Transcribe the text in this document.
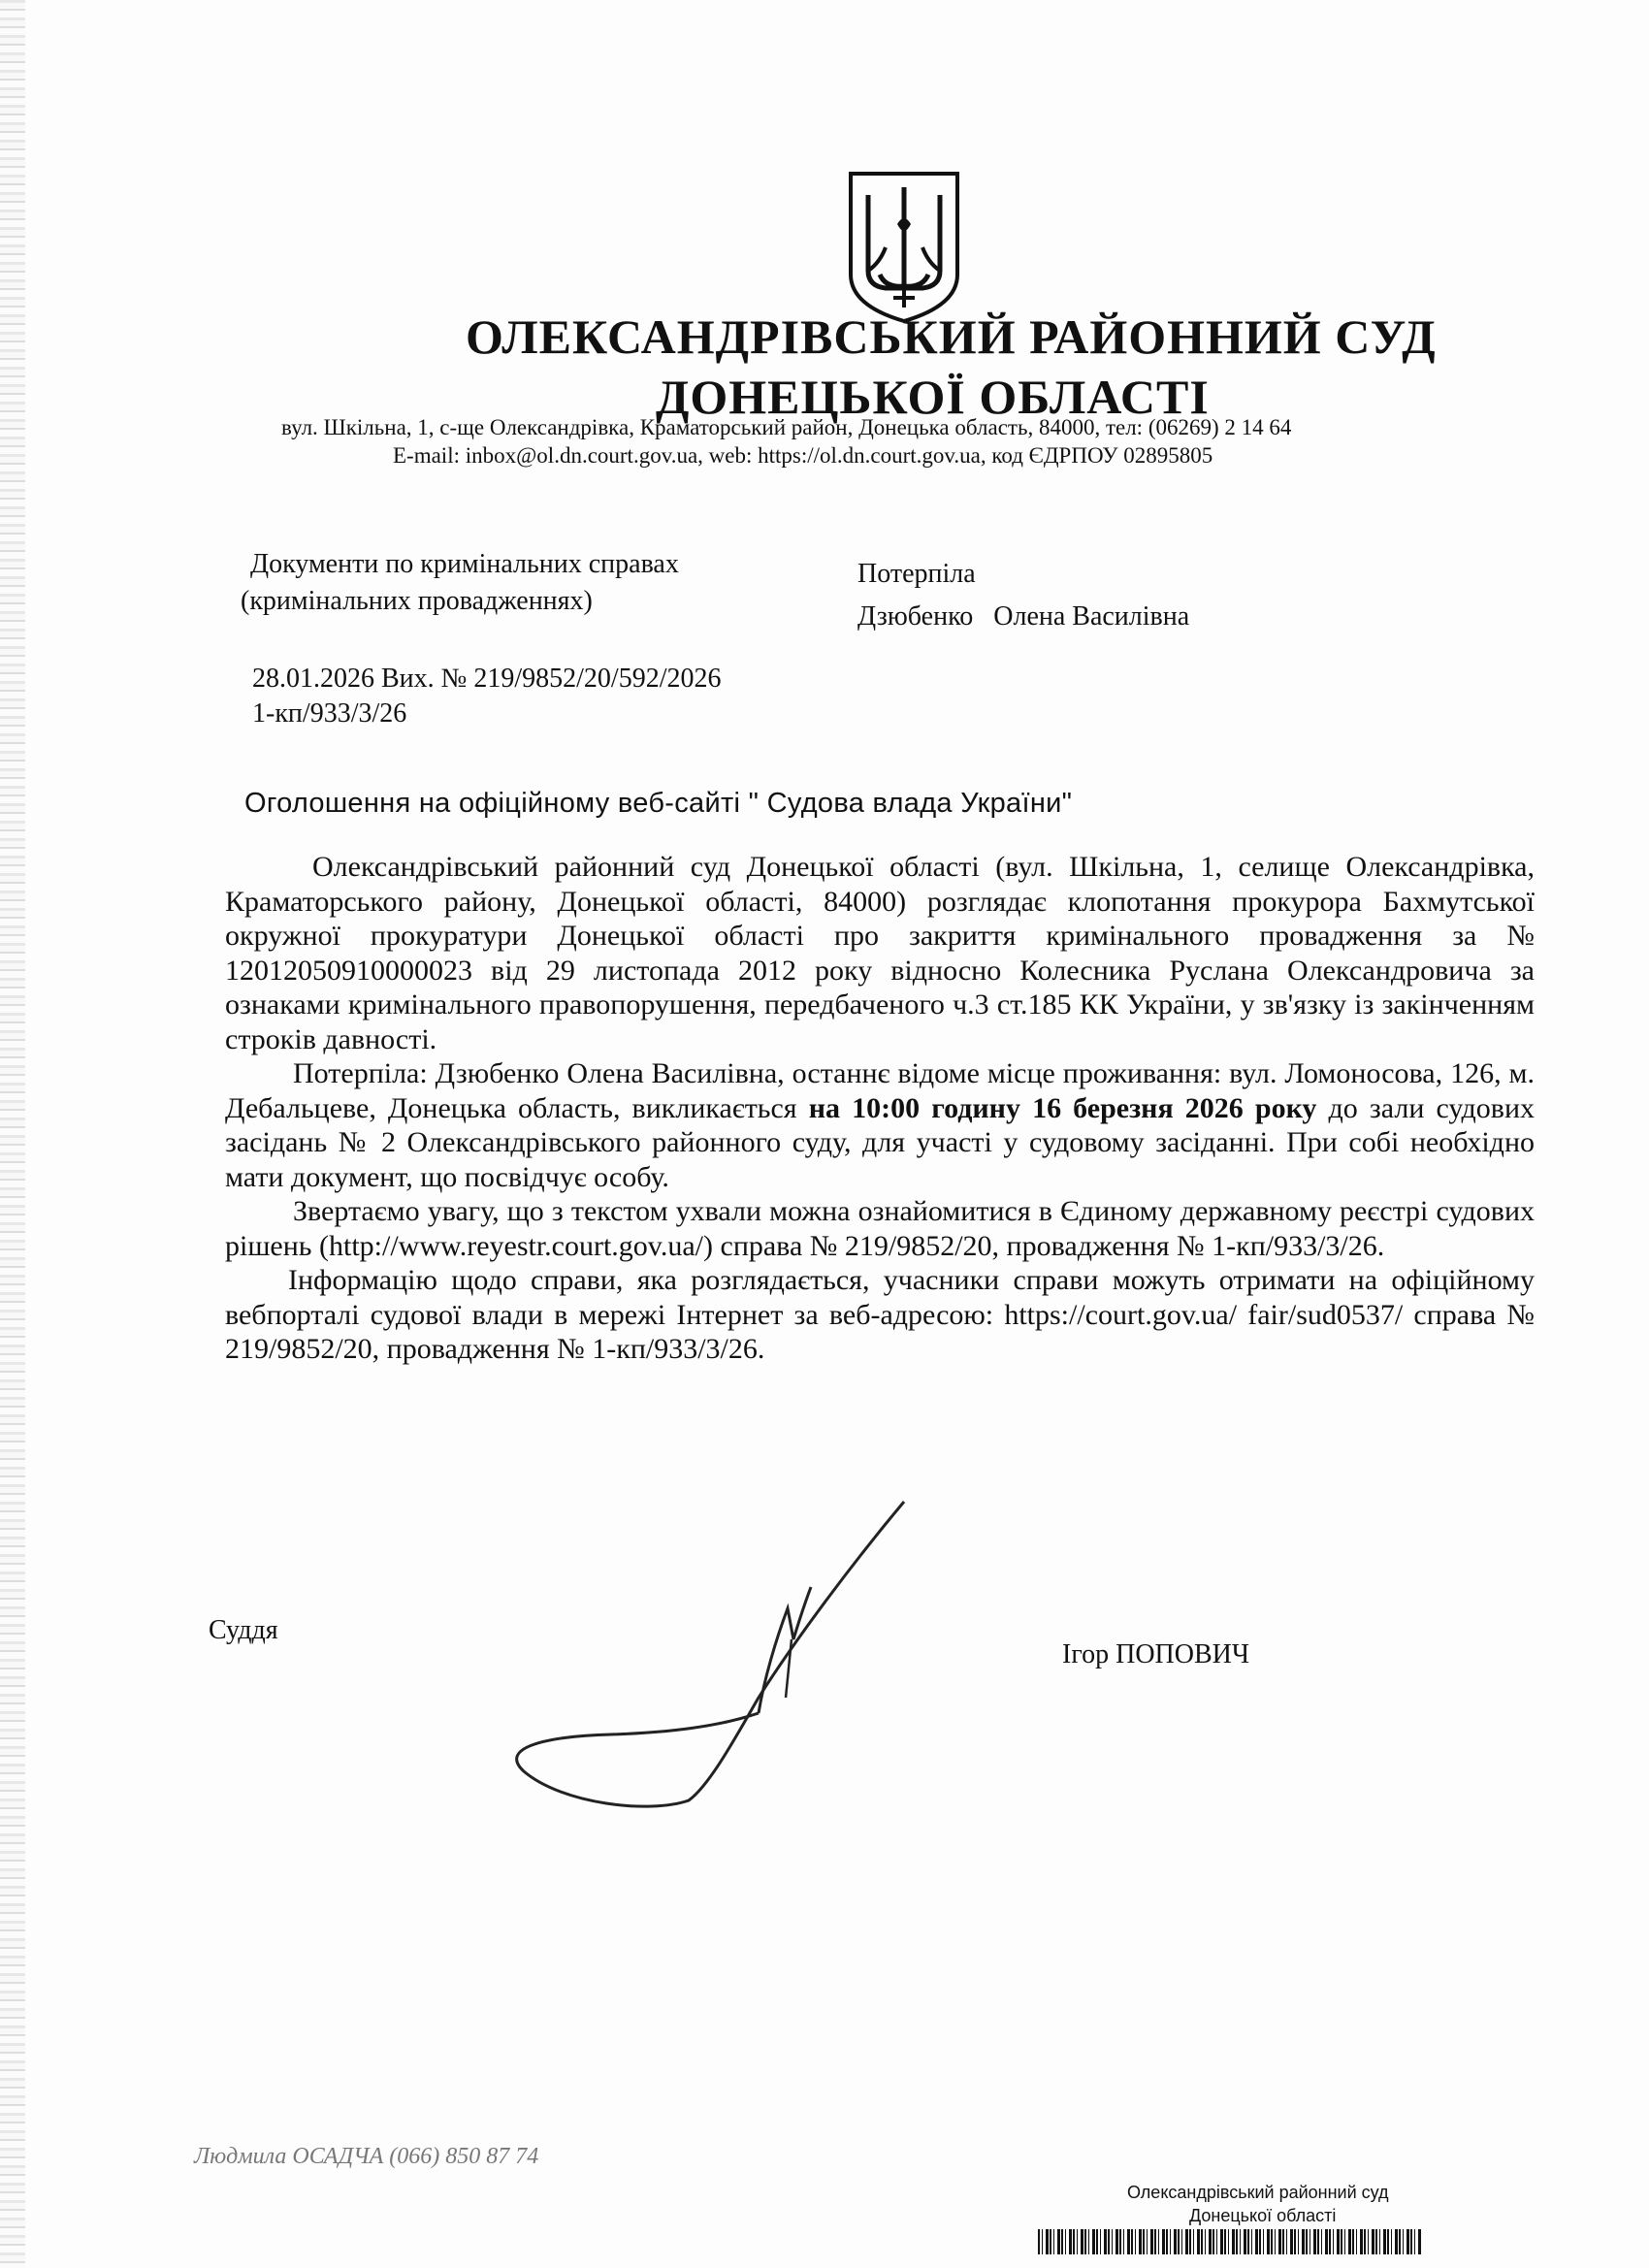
ОЛЕКСАНДРІВСЬКИЙ РАЙОННИЙ СУД
ДОНЕЦЬКОЇ ОБЛАСТІ
вул. Шкільна, 1, с-ще Олександрівка, Краматорський район, Донецька область, 84000, тел: (06269) 2 14 64
E-mail: inbox@ol.dn.court.gov.ua, web: https://ol.dn.court.gov.ua, код ЄДРПОУ 02895805
Документи по кримінальних справах
(кримінальних провадженнях)
Потерпіла
Дзюбенко   Олена Василівна
28.01.2026 Вих. № 219/9852/20/592/2026
1-кп/933/3/26
Оголошення на офіційному веб-сайті " Судова влада України"

Олександрівський районний суд Донецької області (вул. Шкільна, 1, селище Олександрівка, Краматорського району, Донецької області, 84000) розглядає клопотання прокурора Бахмутської окружної прокуратури Донецької області про закриття кримінального провадження за № 12012050910000023 від 29 листопада 2012 року відносно Колесника Руслана Олександровича за ознаками кримінального правопорушення, передбаченого ч.3 ст.185 КК України, у зв'язку із закінченням строків давності.

Потерпіла: Дзюбенко Олена Василівна, останнє відоме місце проживання: вул. Ломоносова, 126, м. Дебальцеве, Донецька область, викликається на 10:00 годину 16 березня 2026 року до зали судових засідань № 2 Олександрівського районного суду, для участі у судовому засіданні. При собі необхідно мати документ, що посвідчує особу.

Звертаємо увагу, що з текстом ухвали можна ознайомитися в Єдиному державному реєстрі судових рішень (http://www.reyestr.court.gov.ua/) справа № 219/9852/20, провадження № 1-кп/933/3/26.

Інформацію щодо справи, яка розглядається, учасники справи можуть отримати на офіційному вебпорталі судової влади в мережі Інтернет за веб-адресою: https://court.gov.ua/ fair/sud0537/ справа № 219/9852/20, провадження № 1-кп/933/3/26.

Суддя
Ігор ПОПОВИЧ
Людмила ОСАДЧА (066) 850 87 74
Олександрівський районний суд
Донецької області
